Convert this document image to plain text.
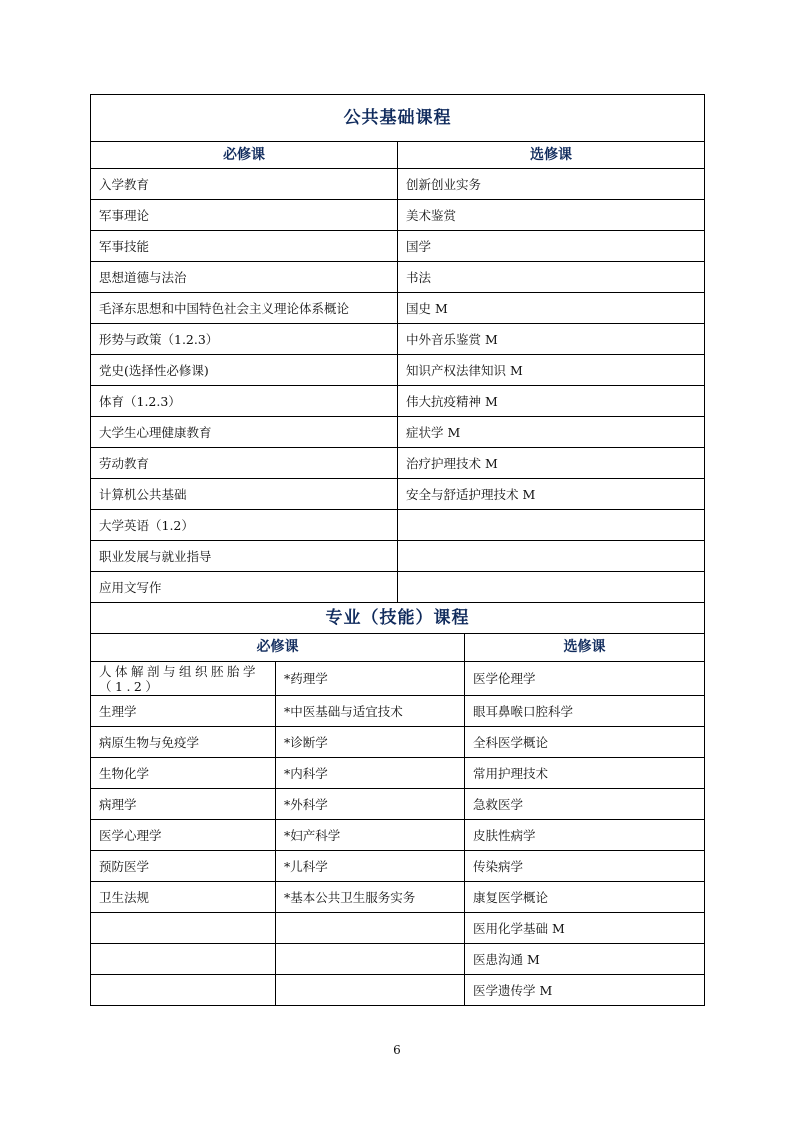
公共基础课程			
必修课		选修课	
入学教育		创新创业实务	
军事理论		美术鉴赏	
军事技能		国学	
思想道德与法治		书法	
毛泽东思想和中国特色社会主义理论体系概论		国史 M	
形势与政策（1.2.3）		中外音乐鉴赏 M	
党史(选择性必修课)		知识产权法律知识 M	
体育（1.2.3）		伟大抗疫精神 M	
大学生心理健康教育		症状学 M	
劳动教育		治疗护理技术 M	
计算机公共基础		安全与舒适护理技术 M	
大学英语（1.2）			
职业发展与就业指导			
应用文写作			
专业（技能）课程			
必修课			选修课
人体解剖与组织胚胎学（1.2）	*药理学		医学伦理学
生理学	*中医基础与适宜技术		眼耳鼻喉口腔科学
病原生物与免疫学	*诊断学		全科医学概论
生物化学	*内科学		常用护理技术
病理学	*外科学		急救医学
医学心理学	*妇产科学		皮肤性病学
预防医学	*儿科学		传染病学
卫生法规	*基本公共卫生服务实务		康复医学概论
			医用化学基础 M
			医患沟通 M
			医学遗传学 M
6
